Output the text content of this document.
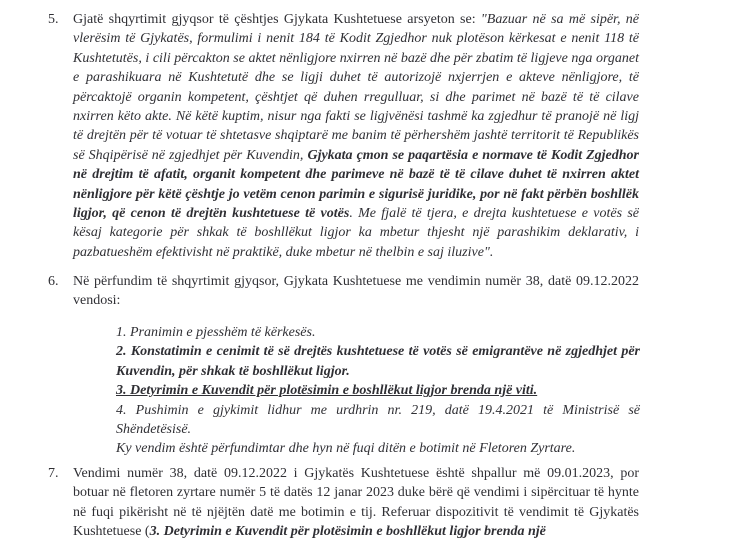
5. Gjatë shqyrtimit gjyqsor të çështjes Gjykata Kushtetuese arsyeton se: "Bazuar në sa më sipër, në vlerësim të Gjykatës, formulimi i nenit 184 të Kodit Zgjedhor nuk plotëson kërkesat e nenit 118 të Kushtetutës, i cili përcakton se aktet nënligjore nxirren në bazë dhe për zbatim të ligjeve nga organet e parashikuara në Kushtetutë dhe se ligji duhet të autorizojë nxjerrjen e akteve nënligjore, të përcaktojë organin kompetent, çështjet që duhen rregulluar, si dhe parimet në bazë të të cilave nxirren këto akte. Në këtë kuptim, nisur nga fakti se ligjvënësi tashmë ka zgjedhur të pranojë në ligj të drejtën për të votuar të shtetasve shqiptarë me banim të përhershëm jashtë territorit të Republikës së Shqipërisë në zgjedhjet për Kuvendin, Gjykata çmon se paqartësia e normave të Kodit Zgjedhor në drejtim të afatit, organit kompetent dhe parimeve në bazë të të cilave duhet të nxirren aktet nënligjore për këtë çështje jo vetëm cenon parimin e sigurisë juridike, por në fakt përbën boshllëk ligjor, që cenon të drejtën kushtetuese të votës. Me fjalë të tjera, e drejta kushtetuese e votës së kësaj kategorie për shkak të boshllëkut ligjor ka mbetur thjesht një parashikim deklarativ, i pazbatueshëm efektivisht në praktikë, duke mbetur në thelbin e saj iluzive".
6. Në përfundim të shqyrtimit gjyqsor, Gjykata Kushtetuese me vendimin numër 38, datë 09.12.2022 vendosi:
1. Pranimin e pjesshëm të kërkesës.
2. Konstatimin e cenimit të së drejtës kushtetuese të votës së emigrantëve në zgjedhjet për Kuvendin, për shkak të boshllëkut ligjor.
3. Detyrimin e Kuvendit për plotësimin e boshllëkut ligjor brenda një viti.
4. Pushimin e gjykimit lidhur me urdhrin nr. 219, datë 19.4.2021 të Ministrisë së Shëndetësisë.
Ky vendim është përfundimtar dhe hyn në fuqi ditën e botimit në Fletoren Zyrtare.
7. Vendimi numër 38, datë 09.12.2022 i Gjykatës Kushtetuese është shpallur më 09.01.2023, por botuar në fletoren zyrtare numër 5 të datës 12 janar 2023 duke bërë që vendimi i sipërcituar të hynte në fuqi pikërisht në të njëjtën datë me botimin e tij. Referuar dispozitivit të vendimit të Gjykatës Kushtetuese (3. Detyrimin e Kuvendit për plotësimin e boshllëkut ligjor brenda një
